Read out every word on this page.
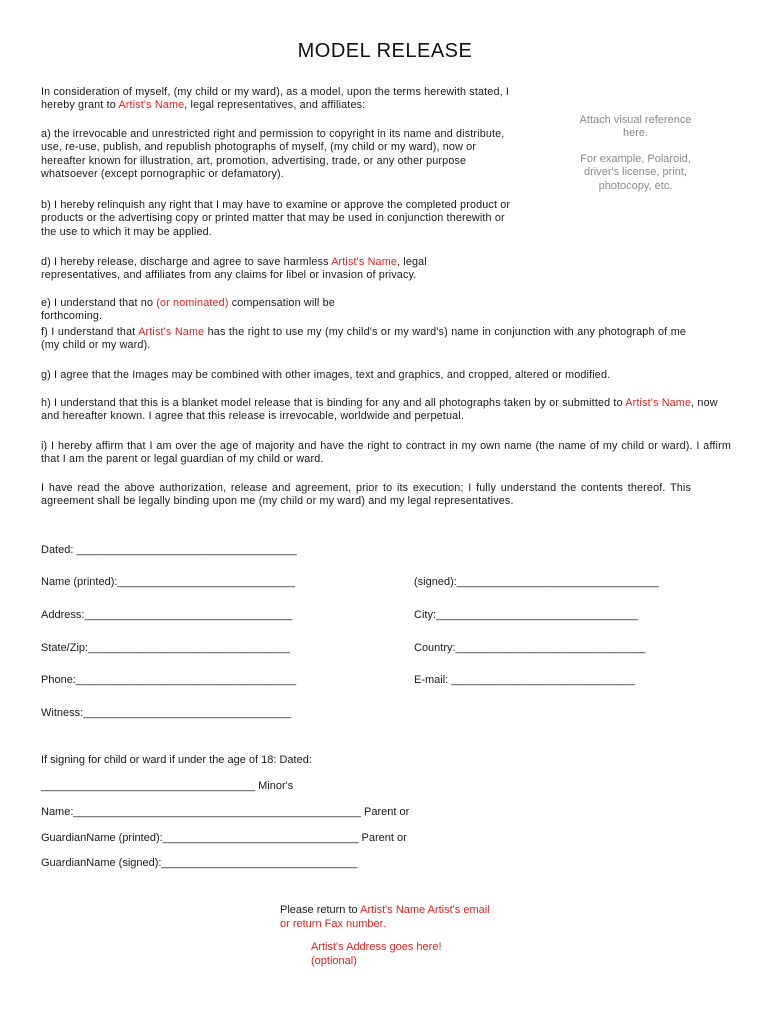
MODEL RELEASE

In consideration of myself, (my child or my ward), as a model, upon the terms herewith stated, I hereby grant to Artist's Name, legal representatives, and affiliates:

Attach visual reference here.
For example, Polaroid, driver's license, print, photocopy, etc.

a) the irrevocable and unrestricted right and permission to copyright in its name and distribute, use, re-use, publish, and republish photographs of myself, (my child or my ward), now or hereafter known for illustration, art, promotion, advertising, trade, or any other purpose whatsoever (except pornographic or defamatory).

b) I hereby relinquish any right that I may have to examine or approve the completed product or products or the advertising copy or printed matter that may be used in conjunction therewith or the use to which it may be applied.

d) I hereby release, discharge and agree to save harmless Artist's Name, legal representatives, and affiliates from any claims for libel or invasion of privacy.

e) I understand that no (or nominated) compensation will be forthcoming.

f) I understand that Artist's Name has the right to use my (my child's or my ward's) name in conjunction with any photograph of me (my child or my ward).

g) I agree that the Images may be combined with other images, text and graphics, and cropped, altered or modified.

h) I understand that this is a blanket model release that is binding for any and all photographs taken by or submitted to Artist's Name, now and hereafter known. I agree that this release is irrevocable, worldwide and perpetual.

i) I hereby affirm that I am over the age of majority and have the right to contract in my own name (the name of my child or ward). I affirm that I am the parent or legal guardian of my child or ward.

I have read the above authorization, release and agreement, prior to its execution; I fully understand the contents thereof. This agreement shall be legally binding upon me (my child or my ward) and my legal representatives.

Dated: ____________________________________
Name (printed):_____________________________	(signed):_________________________________
Address:__________________________________	City:_________________________________
State/Zip:_________________________________	Country:_______________________________
Phone:____________________________________	E-mail: ______________________________
Witness:__________________________________
If signing for child or ward if under the age of 18: Dated:
___________________________________ Minor's
Name:_______________________________________________ Parent or
GuardianName (printed):________________________________ Parent or
GuardianName (signed):________________________________
Please return to Artist's Name Artist's email or return Fax number.
Artist's Address goes here! (optional)
